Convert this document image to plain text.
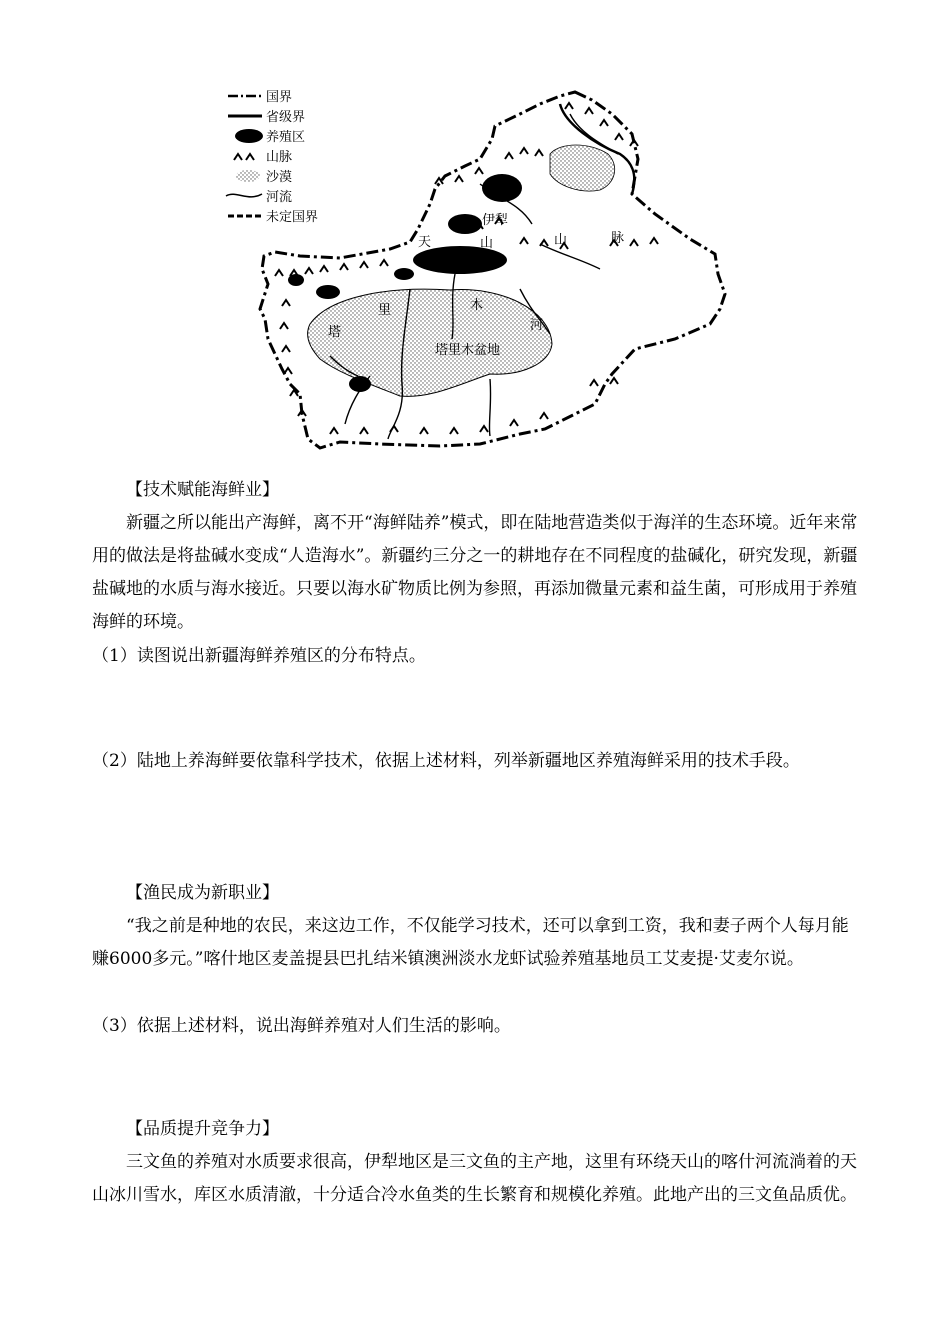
国界
省级界
养殖区
山脉
沙漠
河流
未定国界	伊犁
天	山	山	脉
塔
里	木
河
塔里木盆地
【技术赋能海鲜业】
新疆之所以能出产海鲜，离不开“海鲜陆养”模式，即在陆地营造类似于海洋的生态环境。近年来常用的做法是将盐碱水变成“人造海水”。新疆约三分之一的耕地存在不同程度的盐碱化，研究发现，新疆盐碱地的水质与海水接近。只要以海水矿物质比例为参照，再添加微量元素和益生菌，可形成用于养殖海鲜的环境。
（1）读图说出新疆海鲜养殖区的分布特点。
（2）陆地上养海鲜要依靠科学技术，依据上述材料，列举新疆地区养殖海鲜采用的技术手段。
【渔民成为新职业】
“我之前是种地的农民，来这边工作，不仅能学习技术，还可以拿到工资，我和妻子两个人每月能赚6000多元。”喀什地区麦盖提县巴扎结米镇澳洲淡水龙虾试验养殖基地员工艾麦提·艾麦尔说。
（3）依据上述材料，说出海鲜养殖对人们生活的影响。
【品质提升竞争力】
三文鱼的养殖对水质要求很高，伊犁地区是三文鱼的主产地，这里有环绕天山的喀什河流淌着的天山冰川雪水，库区水质清澈，十分适合冷水鱼类的生长繁育和规模化养殖。此地产出的三文鱼品质优。
